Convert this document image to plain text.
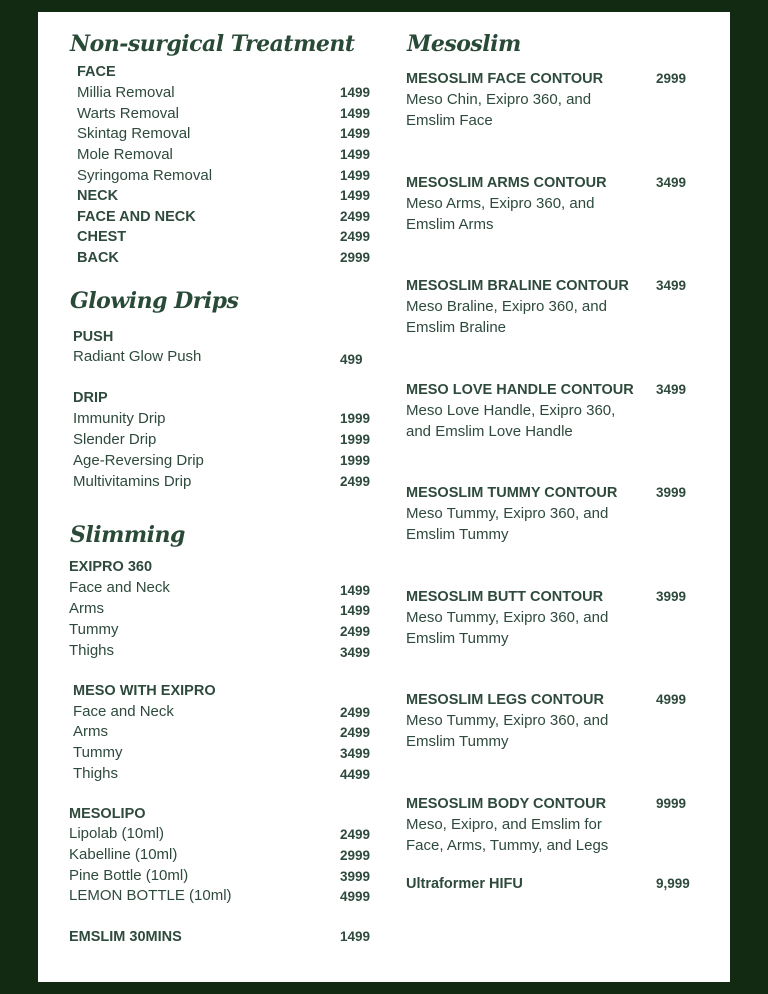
Non-surgical Treatment
FACE
Millia Removal	1499
Warts Removal	1499
Skintag Removal	1499
Mole Removal	1499
Syringoma Removal	1499
NECK	1499
FACE AND NECK	2499
CHEST	2499
BACK	2999
Glowing Drips
PUSH
Radiant Glow Push	499
DRIP
Immunity Drip	1999
Slender Drip	1999
Age-Reversing Drip	1999
Multivitamins Drip	2499
Slimming
EXIPRO 360
Face and Neck	1499
Arms	1499
Tummy	2499
Thighs	3499
MESO WITH EXIPRO
Face and Neck	2499
Arms	2499
Tummy	3499
Thighs	4499
MESOLIPO
Lipolab (10ml)	2499
Kabelline (10ml)	2999
Pine Bottle (10ml)	3999
LEMON BOTTLE (10ml)	4999
EMSLIM 30MINS	1499
Mesoslim
MESOSLIM FACE CONTOUR	2999
Meso Chin, Exipro 360, and
Emslim Face
MESOSLIM ARMS CONTOUR	3499
Meso Arms, Exipro 360, and
Emslim Arms
MESOSLIM BRALINE CONTOUR 3499
Meso Braline, Exipro 360, and
Emslim Braline
MESO LOVE HANDLE CONTOUR 3499
Meso Love Handle, Exipro 360,
and Emslim Love Handle
MESOSLIM TUMMY CONTOUR	3999
Meso Tummy, Exipro 360, and
Emslim Tummy
MESOSLIM BUTT CONTOUR	3999
Meso Tummy, Exipro 360, and
Emslim Tummy
MESOSLIM LEGS CONTOUR	4999
Meso Tummy, Exipro 360, and
Emslim Tummy
MESOSLIM BODY CONTOUR	9999
Meso, Exipro, and Emslim for
Face, Arms, Tummy, and Legs
Ultraformer HIFU	9,999
